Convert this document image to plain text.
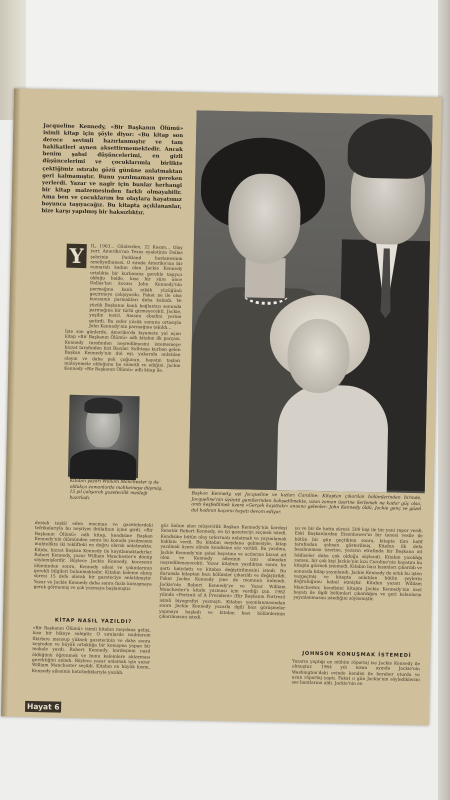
Jacqueline Kennedy, «Bir Başkanın Ölümü» isimli kitap için şöyle diyor: «Bu kitap son derece sevimli hazırlanmıştır ve tam hakikatleri aynen aksettirmemektedir. Ancak benim şahsi düşüncelerimi, en gizli düşüncelerimi ve çocuklarımla birlikte çektiğimiz ıstırabı gözü gününe anlatmaktan geri kalmamıştır. Bunu yazılmaması gereken yerlerdi. Yazar ve nagir için bunlar herhangi bir kitap malzemesinden farklı olmayabilir. Ama ben ve çocuklarım bu olaylara hayatımız boyunca taşıyacağız. Bu kitapta açıklananlar, bize karşı yapılmış bir haksızlıktır.
Y	IL, 1963... Günlerden, 22 Kasım... Olay yeri: Amerika'nın Texas eyaletinin Dallas şehrinin Parkland hastanesinin ameliyathanesi. O sırada Amerika'nın bir numaralı kadını olan Jackie Kennedy ortalıkta bir kurbanına gerekle taşıyıcı olduğu halde, kısa bir süre önce Dallas'tan kocası John Kennedy'nin parmağına kanlı nikâh yüzüğünü geçirmeye çalışıyordu. Fakat ne ile olsa kocasının parmakları daha kalındı. Ve yüzük Başkanın kanlı bağlantısı sonunda parmağına bir türlü girmeyecekti. Jackie, yeşilin tesiri. Anısını ebedini yerine getirdi. Bu sefer yüzük sonuna ortasıyla John Kennedy'nin parmağına takıldı...
İşte son günlerde, Amerika'da kıyamete yol açan kitap «Bir Başkanın Ölümü» adlı kitabın ilk parçası. Kennedy tarafından neşredilmesini istememeye bizzat tarafından bizi Bazılar. Sulhtaşa kurban gelen Başkan Kennedy'nin dul eşi, yukarıda anlatılan olayın ve daha pek çoğunun, hayatın taşları müteyemele olduğunu bu sömetli ve ediğini. Jackie Kennedy «Bir Başkanın Ölümü» adlı kitap ile.
Kitabın yazarı William Manchester iş de oldukça zamanlarda mahkemeye düşmüş, 15 yıl çalışarak gazetecilik mesleği hazırladı.	Başkan Kennedy, eşi Jacqueline ve kızları Caroline: Kitaptan çıkarılan bölümlerinden birinde, Jacqueline'nin üzüntü gemilerinden bahsedilmekte, uzun zaman üzerine ilerlemek ne kadar güç olsa, anıtı keşfedilmek üzere «Gerçek kayıttaki» anısına gelenler: John Kennedy öldü, Jackie genç ve güzel dul kadının kaçarsı hayatı devam ediyor.
destek teşkil eden mecmua ve gazetelerdeki tefrikalarıyla bu neşriyat ihtilafının içine girdi. «Bir Başkanın Ölümü» adlı kitap, kendisine Başkan Kennedy'nin ölümünden sonra bu konuda yazılmasını muhtelikte iki teklifteki en doğru olarak anlatmakta. Kitabı, bizzat Başkan Kennedy ile kayıtlamaktadırlar. Robert Kennedy, yazar William Manchester'e dönüp söylemişlerdir. Böylece Jackie Kennedy, kocasının ölümünden sonra, Kennedy ailesi ve yakınlarının gerekli bilgileri bulunmaktadır. Kitabın kaleme alınış süresi 15 defa olarak bir gazeteciye anlatılmıştır. Yazar ve Jackie Kennedy daha sonra fazla konuşmaya gerek görmemiş ve çok yazmaya başlamıştır.
KİTAP NASIL YAZILDI?
«Bir Başkanın Ölümü» isimli kitabın meydana gelişi, kısa bir hikaye sahiptir. O sıralarda muhterem fikirlere mensup yüksek gazetecinin ve daha sonra neşreden ve büyük ortaklığa bir konuşma yapan bir makale yazdı. Robert Kennedy, kardeşinin nasıl öldüğünü öğrenmek ve bunu kalemlere aktarması gerektiğini anladı. Böylece yazar anlamak için yazar William Manchester seçildi. Kitabın en büyük kısmı, Kennedy ailesinin hatırladıklarıyla yazıldı.
göz önüne alan müşavirlik Başkan Kennedy'nin kardeşi Senatör Robert Kennedy, en iyi gazeteciyi seçmek istedi. Kendisine bütün olay teferruatı anlatmak ve yayımlamak hakkını verdi. Bu kitabın meydana gelmesiyle, kitap yazılmak üzere elinde kendisine söz verildi. Bu yazılma, Jackie Kennedy'nin şahsi hayatına ve acılarına bizzat ait olan ve Kennedy ailesinin izni olmadan neşredilemeyecekti. Yazar kitabını yazdıktan sonra bu şartı hatırlattı ve kitabın değiştirilmesini istedi. Bu durumda kitaptan bazı bölümler çıkarıldı ve değiştirildi. Fakat Jackie Kennedy yine de memnun kalmadı. Jackie'nin Robert Kennedy'ye ve Yazar William Manchester'e kitabı yazması için verdiği izin. 1962 yılında «Portrait of A President» (Bir Başkanın Portresi) isimli biyografiyi yazmıştı. Kitabın yayınlanmasından sonra Jackie Kennedy yazarla ilgili bazı görüşmeler yapmaya başladı ve kitabın bazı bölümlerinin çıkarılmasını istedi.
ısı ve bir de hatta süresi: 500 kişi ile bir yeni rapor verdi. Eski Başkanlardan Eisenhower'ın bir tanesi vesile ile bütün bir gün geçtikten sonra, kitapta tüm hafif tarafından şahsen gösterilmiş. Kitabın ilk defa basılmaması üzerine, yazarın etrafında bir Başkana ait hâdiseler daha çok olduğu söylendi. Kitabın yazıldığı zaman, bir çok kişi Jackie'nin kızı Caroline'nin hayatını bu kitapta görmek istemedi. Kitabın bazı kısımları çıkarıldı ve sonunda kitap yayınlandı. Jackie Kennedy de artık bu işten vazgeçmiş ve kitapta anlatılan bütün şeylerin doğruluğunu kabul etmiştir. Kitabın yazarı William Manchester, kendisini kitapta Jackie Kennedy'nin özel hayatı ile ilgili bölümleri çıkardığını ve geri kalanların yayınlanmasını istediğini söylemiştir.
JOHNSON KONUŞMAK İSTEMEDİ
Yazarın yaptığı en mühim röportaj ise Jackie Kennedy ile olmuştur. 1964 yılı nisan ayında Jackie'nin Washington'daki evinde kendisi ile beraber oturdu ve uzun röportaj yaptı. Fakat o gün Jackie'nin söylediklerini ses bantlarına aldı. Jackie'nin en
Hayat 6
